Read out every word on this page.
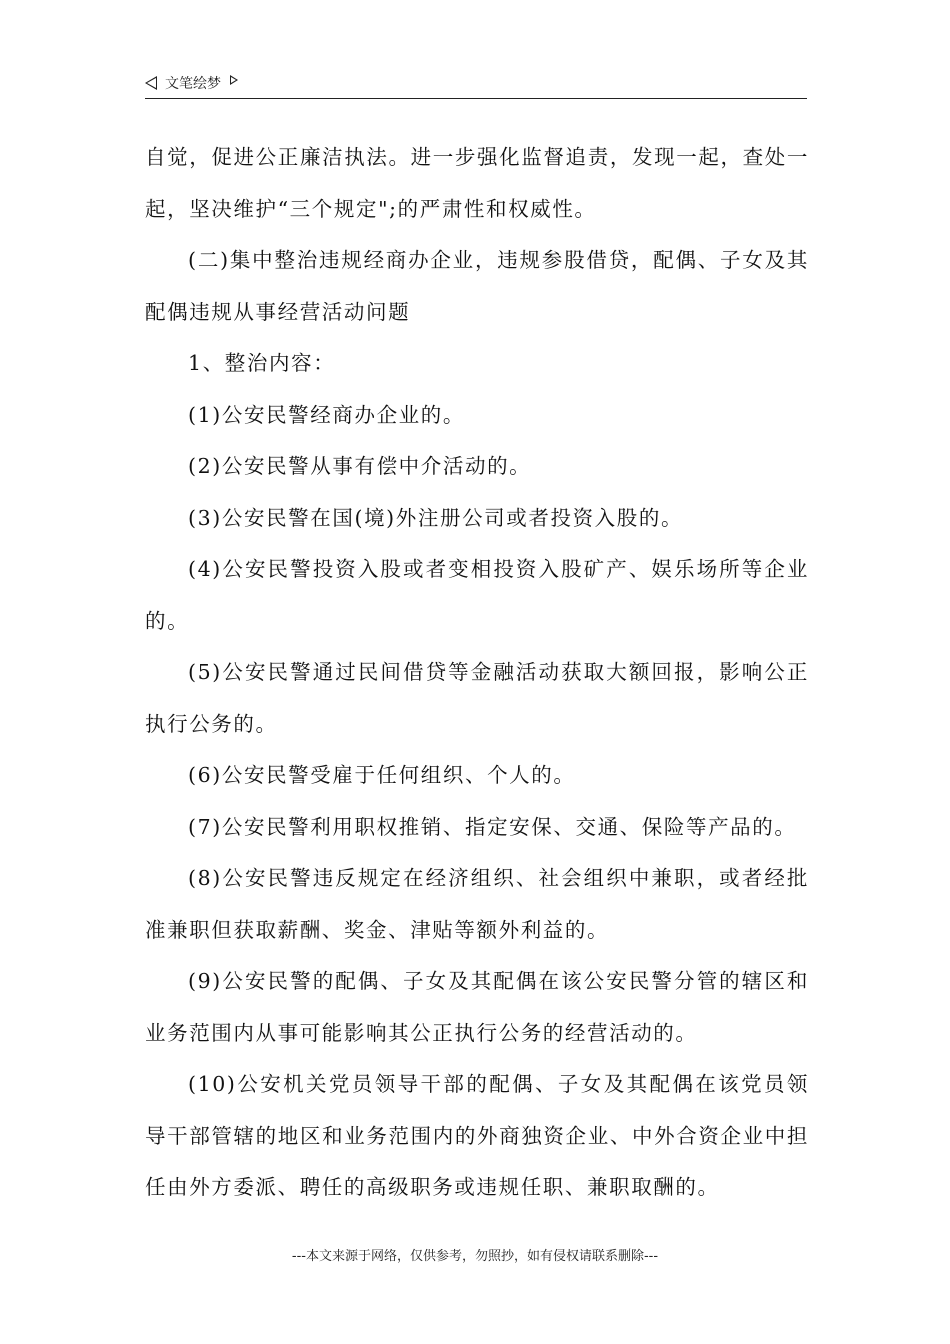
文笔绘梦

自觉，促进公正廉洁执法。进一步强化监督追责，发现一起，查处一起，坚决维护“三个规定";的严肃性和权威性。

(二)集中整治违规经商办企业，违规参股借贷，配偶、子女及其配偶违规从事经营活动问题

1、整治内容：

(1)公安民警经商办企业的。

(2)公安民警从事有偿中介活动的。

(3)公安民警在国(境)外注册公司或者投资入股的。

(4)公安民警投资入股或者变相投资入股矿产、娱乐场所等企业的。

(5)公安民警通过民间借贷等金融活动获取大额回报，影响公正执行公务的。

(6)公安民警受雇于任何组织、个人的。

(7)公安民警利用职权推销、指定安保、交通、保险等产品的。

(8)公安民警违反规定在经济组织、社会组织中兼职，或者经批准兼职但获取薪酬、奖金、津贴等额外利益的。

(9)公安民警的配偶、子女及其配偶在该公安民警分管的辖区和业务范围内从事可能影响其公正执行公务的经营活动的。

(10)公安机关党员领导干部的配偶、子女及其配偶在该党员领导干部管辖的地区和业务范围内的外商独资企业、中外合资企业中担任由外方委派、聘任的高级职务或违规任职、兼职取酬的。

---本文来源于网络，仅供参考，勿照抄，如有侵权请联系删除---
